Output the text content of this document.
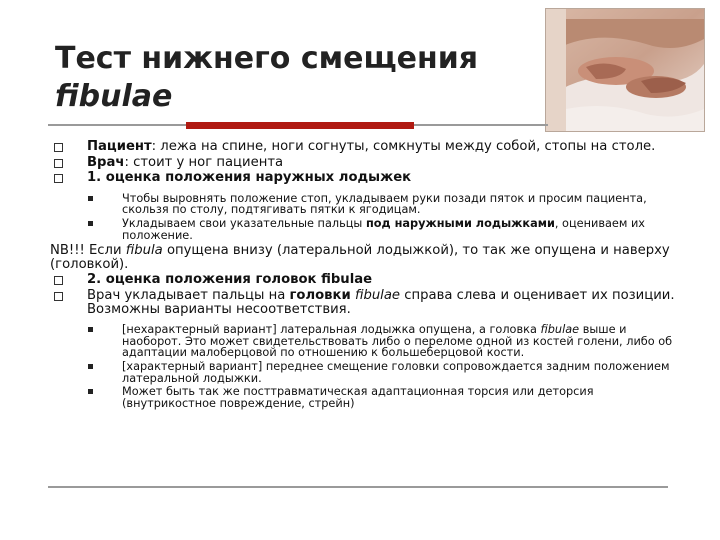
Тест нижнего смещения
fibulae
Пациент: лежа на спине, ноги согнуты, сомкнуты между собой, стопы на столе.
Врач: стоит у ног пациента
1. оценка положения наружных лодыжек
Чтобы выровнять положение стоп, укладываем руки позади пяток и просим пациента, скользя по столу, подтягивать пятки к ягодицам.
Укладываем свои указательные пальцы под наружными лодыжками, оцениваем их положение.
NB!!! Если fibula опущена внизу (латеральной лодыжкой), то так же опущена и наверху (головкой).
2. оценка положения головок fibulae
Врач укладывает пальцы на головки fibulae справа слева и оценивает их позиции. Возможны варианты несоответствия.
[нехарактерный вариант] латеральная лодыжка опущена, а головка fibulae выше и наоборот. Это может свидетельствовать либо о переломе одной из костей голени, либо об адаптации малоберцовой по отношению к большеберцовой кости.
[характерный вариант] переднее смещение головки сопровождается задним положением латеральной лодыжки.
Может быть так же посттравматическая адаптационная торсия или деторсия (внутрикостное повреждение, стрейн)
